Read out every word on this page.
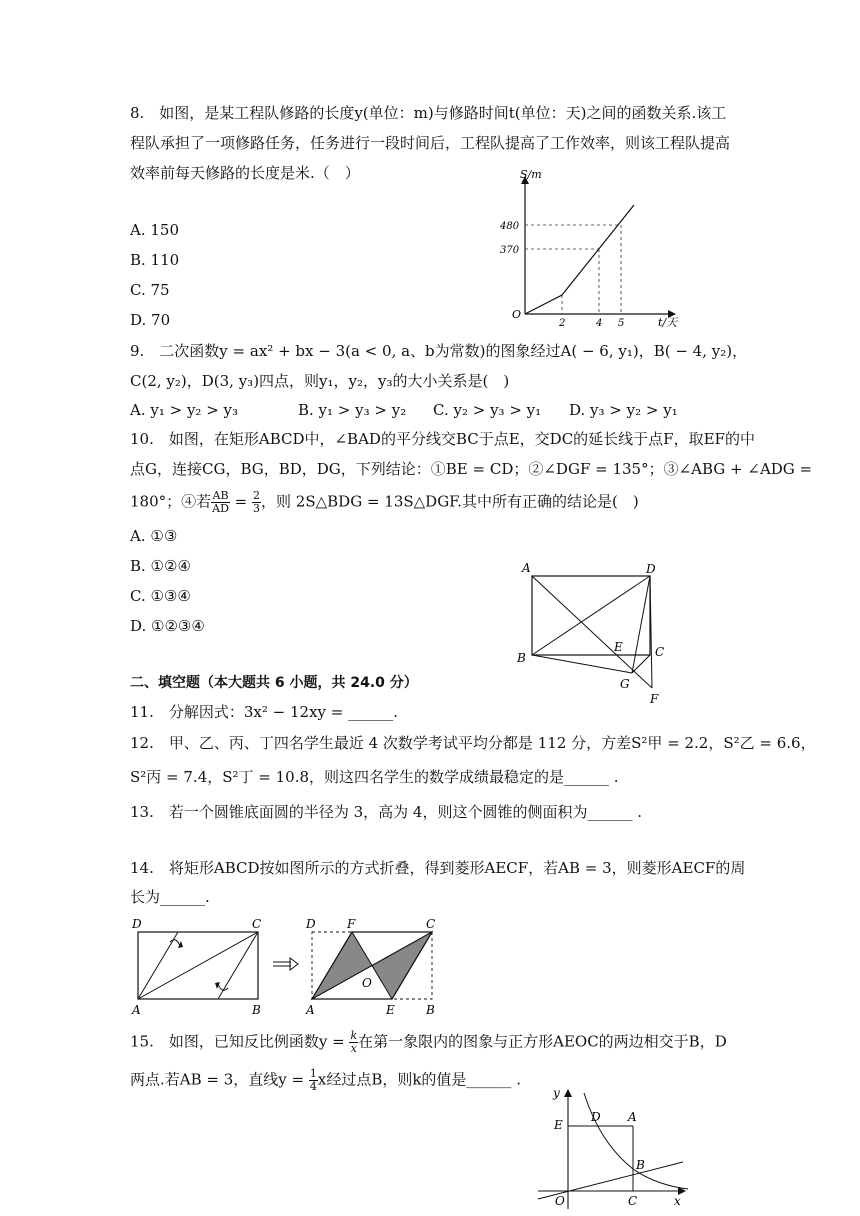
8.　如图，是某工程队修路的长度y(单位：m)与修路时间t(单位：天)之间的函数关系.该工
程队承担了一项修路任务，任务进行一段时间后，工程队提高了工作效率，则该工程队提高
效率前每天修路的长度是米.（　）
A. 150
B. 110
C. 75
D. 70
S/m
t/天
O
480
370
2	4 5
9.　二次函数y = ax² + bx − 3(a < 0, a、b为常数)的图象经过A( − 6, y₁)，B( − 4, y₂)，
C(2, y₂)，D(3, y₃)四点，则y₁，y₂，y₃的大小关系是(　)
A. y₁ > y₂ > y₃	B. y₁ > y₃ > y₂ C. y₂ > y₃ > y₁ D. y₃ > y₂ > y₁
10.　如图，在矩形ABCD中，∠BAD的平分线交BC于点E，交DC的延长线于点F，取EF的中
点G，连接CG，BG，BD，DG，下列结论：①BE = CD；②∠DGF = 135°；③∠ABG + ∠ADG =
180°；④若 $\frac{AB}{AD} = \frac{2}{3}$ ，则 2S△BDG = 13S△DGF.其中所有正确的结论是(　)
A. ①③
B. ①②④
C. ①③④
D. ①②③④
A	D
B
E	C
G
F
二、填空题（本大题共 6 小题，共 24.0 分）
11.　分解因式：3x² − 12xy = ______.
12.　甲、乙、丙、丁四名学生最近 4 次数学考试平均分都是 112 分，方差S²甲 = 2.2，S²乙 = 6.6，
S²丙 = 7.4，S²丁 = 10.8，则这四名学生的数学成绩最稳定的是______ .
13.　若一个圆锥底面圆的半径为 3，高为 4，则这个圆锥的侧面积为______ .
14.　将矩形ABCD按如图所示的方式折叠，得到菱形AECF，若AB = 3，则菱形AECF的周
长为______.
D	C
A	B
D	F	C
O
A	E	B
15.　如图，已知反比例函数$y = \frac{k}{x}$ 在第一象限内的图象与正方形AEOC的两边相交于B，D
两点.若AB = 3，直线$y = \frac{1}{4}$ x经过点B，则k的值是______ .
y
E
D A
B
O	C	x
